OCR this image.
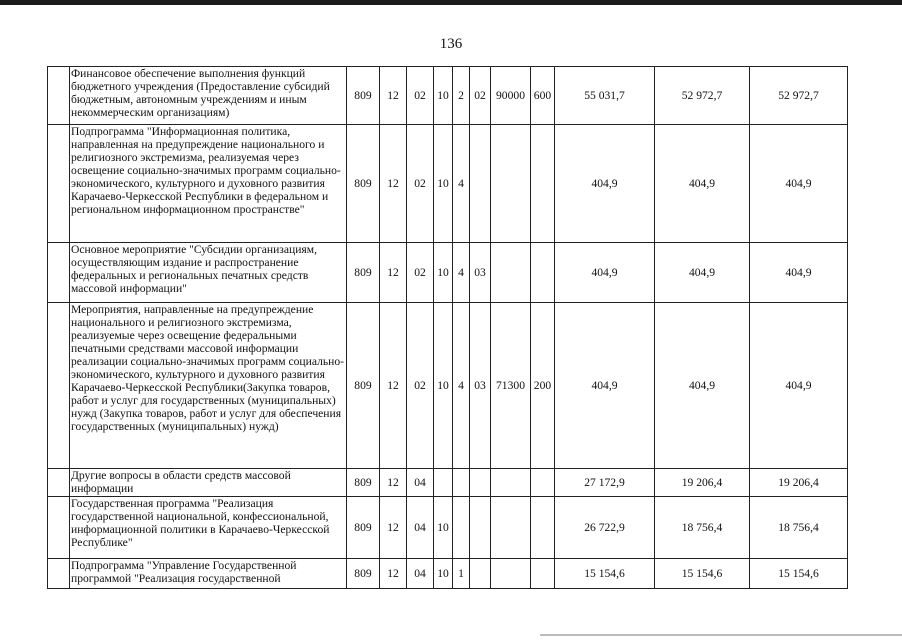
136
	Финансовое обеспечение выполнения функций бюджетного учреждения (Предоставление субсидий бюджетным, автономным учреждениям и иным некоммерческим организациям)	809	12	02	10	2	02	90000	600	55 031,7	52 972,7	52 972,7
	Подпрограмма "Информационная политика, направленная на предупреждение национального и религиозного экстремизма, реализуемая через освещение социально-значимых программ социально-экономического, культурного и духовного развития Карачаево-Черкесской Республики в федеральном и региональном информационном пространстве"	809	12	02	10	4				404,9	404,9	404,9
	Основное мероприятие "Субсидии организациям, осуществляющим издание и распространение федеральных и региональных печатных средств массовой информации"	809	12	02	10	4	03			404,9	404,9	404,9
	Мероприятия, направленные на предупреждение национального и религиозного экстремизма, реализуемые через освещение федеральными печатными средствами массовой информации реализации социально-значимых программ социально-экономического, культурного и духовного развития Карачаево-Черкесской Республики(Закупка товаров, работ и услуг для государственных (муниципальных) нужд (Закупка товаров, работ и услуг для обеспечения государственных (муниципальных) нужд)	809	12	02	10	4	03	71300	200	404,9	404,9	404,9
	Другие вопросы в области средств массовой информации	809	12	04						27 172,9	19 206,4	19 206,4
	Государственная программа "Реализация государственной национальной, конфессиональной, информационной политики в Карачаево-Черкесской Республике"	809	12	04	10					26 722,9	18 756,4	18 756,4
	Подпрограмма "Управление Государственной программой "Реализация государственной	809	12	04	10	1				15 154,6	15 154,6	15 154,6
